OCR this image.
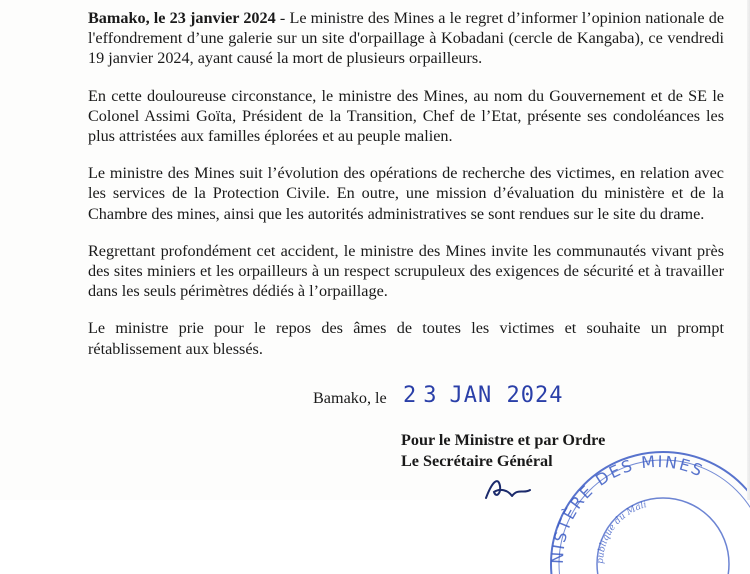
Bamako, le 23 janvier 2024 - Le ministre des Mines a le regret d’informer l’opinion nationale de l'effondrement d’une galerie sur un site d'orpaillage à Kobadani (cercle de Kangaba), ce vendredi 19 janvier 2024, ayant causé la mort de plusieurs orpailleurs.

En cette douloureuse circonstance, le ministre des Mines, au nom du Gouvernement et de SE le Colonel Assimi Goïta, Président de la Transition, Chef de l’Etat, présente ses condoléances les plus attristées aux familles éplorées et au peuple malien.

Le ministre des Mines suit l’évolution des opérations de recherche des victimes, en relation avec les services de la Protection Civile. En outre, une mission d’évaluation du ministère et de la Chambre des mines, ainsi que les autorités administratives se sont rendues sur le site du drame.

Regrettant profondément cet accident, le ministre des Mines invite les communautés vivant près des sites miniers et les orpailleurs à un respect scrupuleux des exigences de sécurité et à travailler dans les seuls périmètres dédiés à l’orpaillage.

Le ministre prie pour le repos des âmes de toutes les victimes et souhaite un prompt rétablissement aux blessés.

Bamako, le 23 JAN 2024
Pour le Ministre et par Ordre
Le Secrétaire Général
NISTÈRE DES MINES
publique du Mali
